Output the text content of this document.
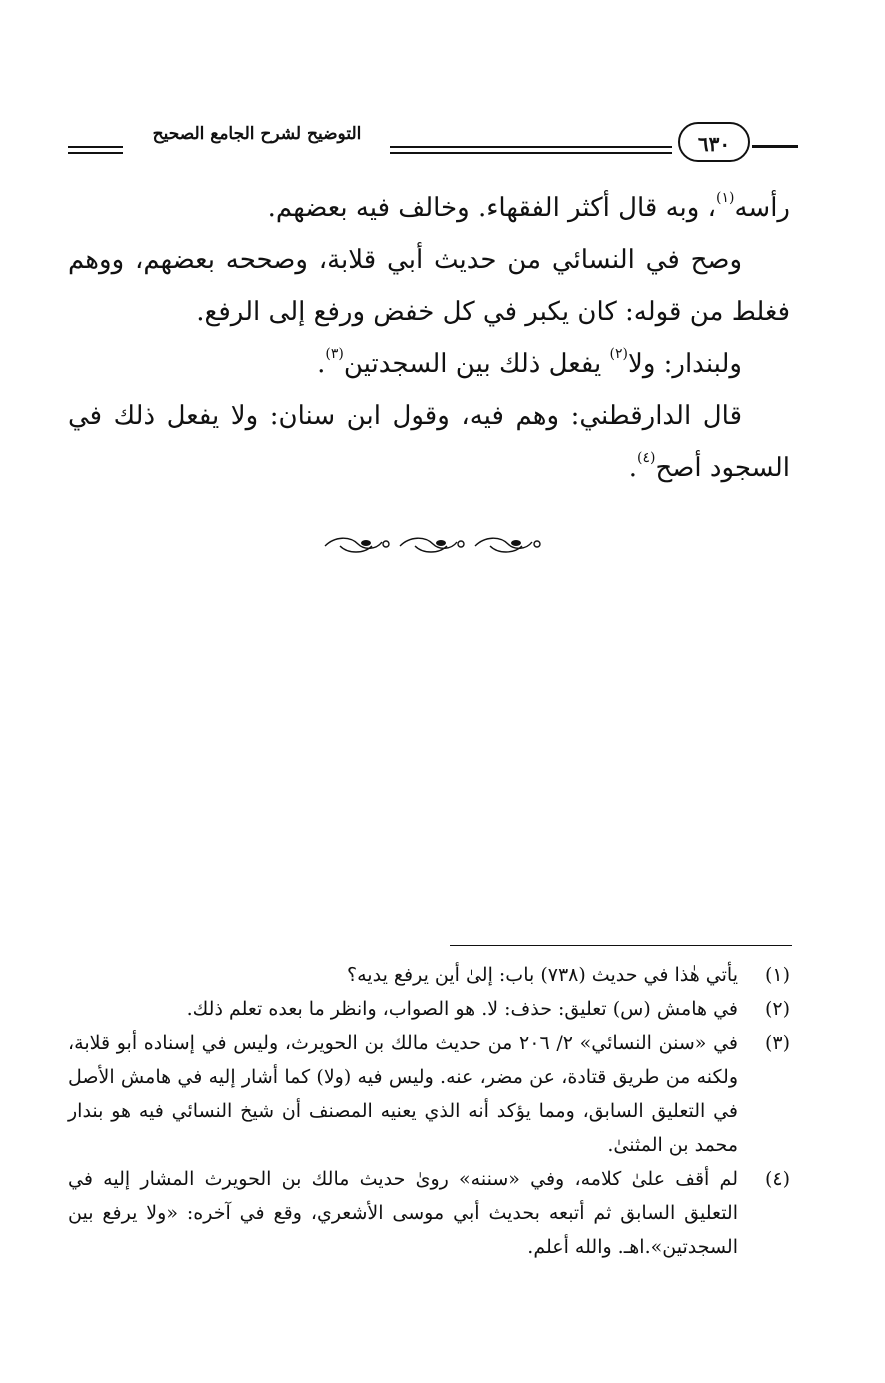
التوضيح لشرح الجامع الصحيح	٦٣٠

رأسه$^{(١)}$، وبه قال أكثر الفقهاء. وخالف فيه بعضهم.

وصح في النسائي من حديث أبي قلابة، وصححه بعضهم، ووهم فغلط من قوله: كان يكبر في كل خفض ورفع إلى الرفع.

ولبندار: ولا$^{(٢)}$ يفعل ذلك بين السجدتين$^{(٣)}$.

قال الدارقطني: وهم فيه، وقول ابن سنان: ولا يفعل ذلك في السجود أصح$^{(٤)}$.

(١)
يأتي هٰذا في حديث (٧٣٨) باب: إلىٰ أين يرفع يديه؟
(٢)
في هامش (س) تعليق: حذف: لا. هو الصواب، وانظر ما بعده تعلم ذلك.
(٣)
في «سنن النسائي» ٢/ ٢٠٦ من حديث مالك بن الحويرث، وليس في إسناده أبو قلابة، ولكنه من طريق قتادة، عن مضر، عنه. وليس فيه (ولا) كما أشار إليه في هامش الأصل في التعليق السابق، ومما يؤكد أنه الذي يعنيه المصنف أن شيخ النسائي فيه هو بندار محمد بن المثنىٰ.
(٤)
لم أقف علىٰ كلامه، وفي «سننه» روىٰ حديث مالك بن الحويرث المشار إليه في التعليق السابق ثم أتبعه بحديث أبي موسى الأشعري، وقع في آخره: «ولا يرفع بين السجدتين».اهـ. والله أعلم.
